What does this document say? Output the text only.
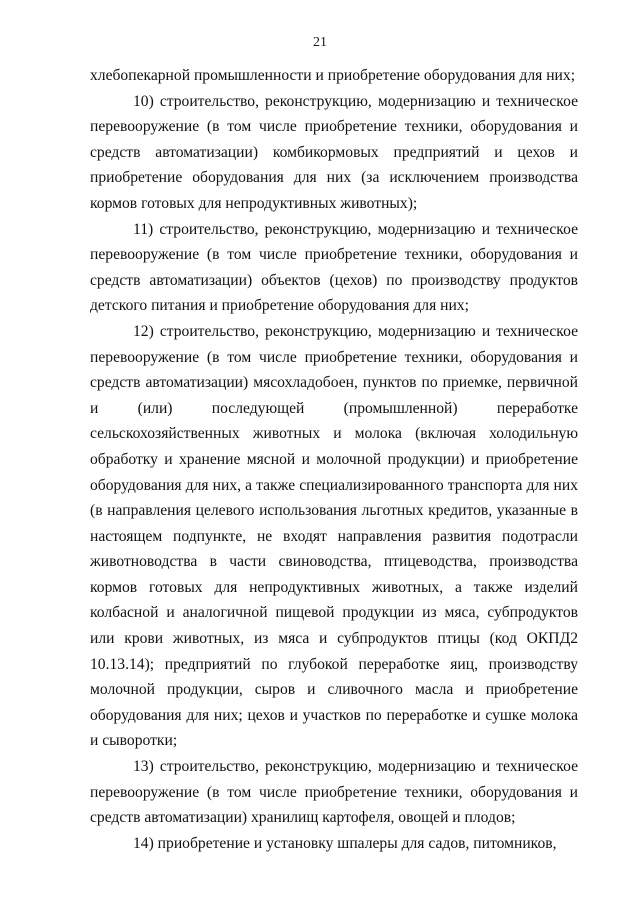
21

хлебопекарной промышленности и приобретение оборудования для них;

10) строительство, реконструкцию, модернизацию и техническое перевооружение (в том числе приобретение техники, оборудования и средств автоматизации) комбикормовых предприятий и цехов и приобретение оборудования для них (за исключением производства кормов готовых для непродуктивных животных);

11) строительство, реконструкцию, модернизацию и техническое перевооружение (в том числе приобретение техники, оборудования и средств автоматизации) объектов (цехов) по производству продуктов детского питания и приобретение оборудования для них;

12) строительство, реконструкцию, модернизацию и техническое перевооружение (в том числе приобретение техники, оборудования и средств автоматизации) мясохладобоен, пунктов по приемке, первичной и (или) последующей (промышленной) переработке сельскохозяйственных животных и молока (включая холодильную обработку и хранение мясной и молочной продукции) и приобретение оборудования для них, а также специализированного транспорта для них (в направления целевого использования льготных кредитов, указанные в настоящем подпункте, не входят направления развития подотрасли животноводства в части свиноводства, птицеводства, производства кормов готовых для непродуктивных животных, а также изделий колбасной и аналогичной пищевой продукции из мяса, субпродуктов или крови животных, из мяса и субпродуктов птицы (код ОКПД2 10.13.14); предприятий по глубокой переработке яиц, производству молочной продукции, сыров и сливочного масла и приобретение оборудования для них; цехов и участков по переработке и сушке молока и сыворотки;

13) строительство, реконструкцию, модернизацию и техническое перевооружение (в том числе приобретение техники, оборудования и средств автоматизации) хранилищ картофеля, овощей и плодов;

14) приобретение и установку шпалеры для садов, питомников,
